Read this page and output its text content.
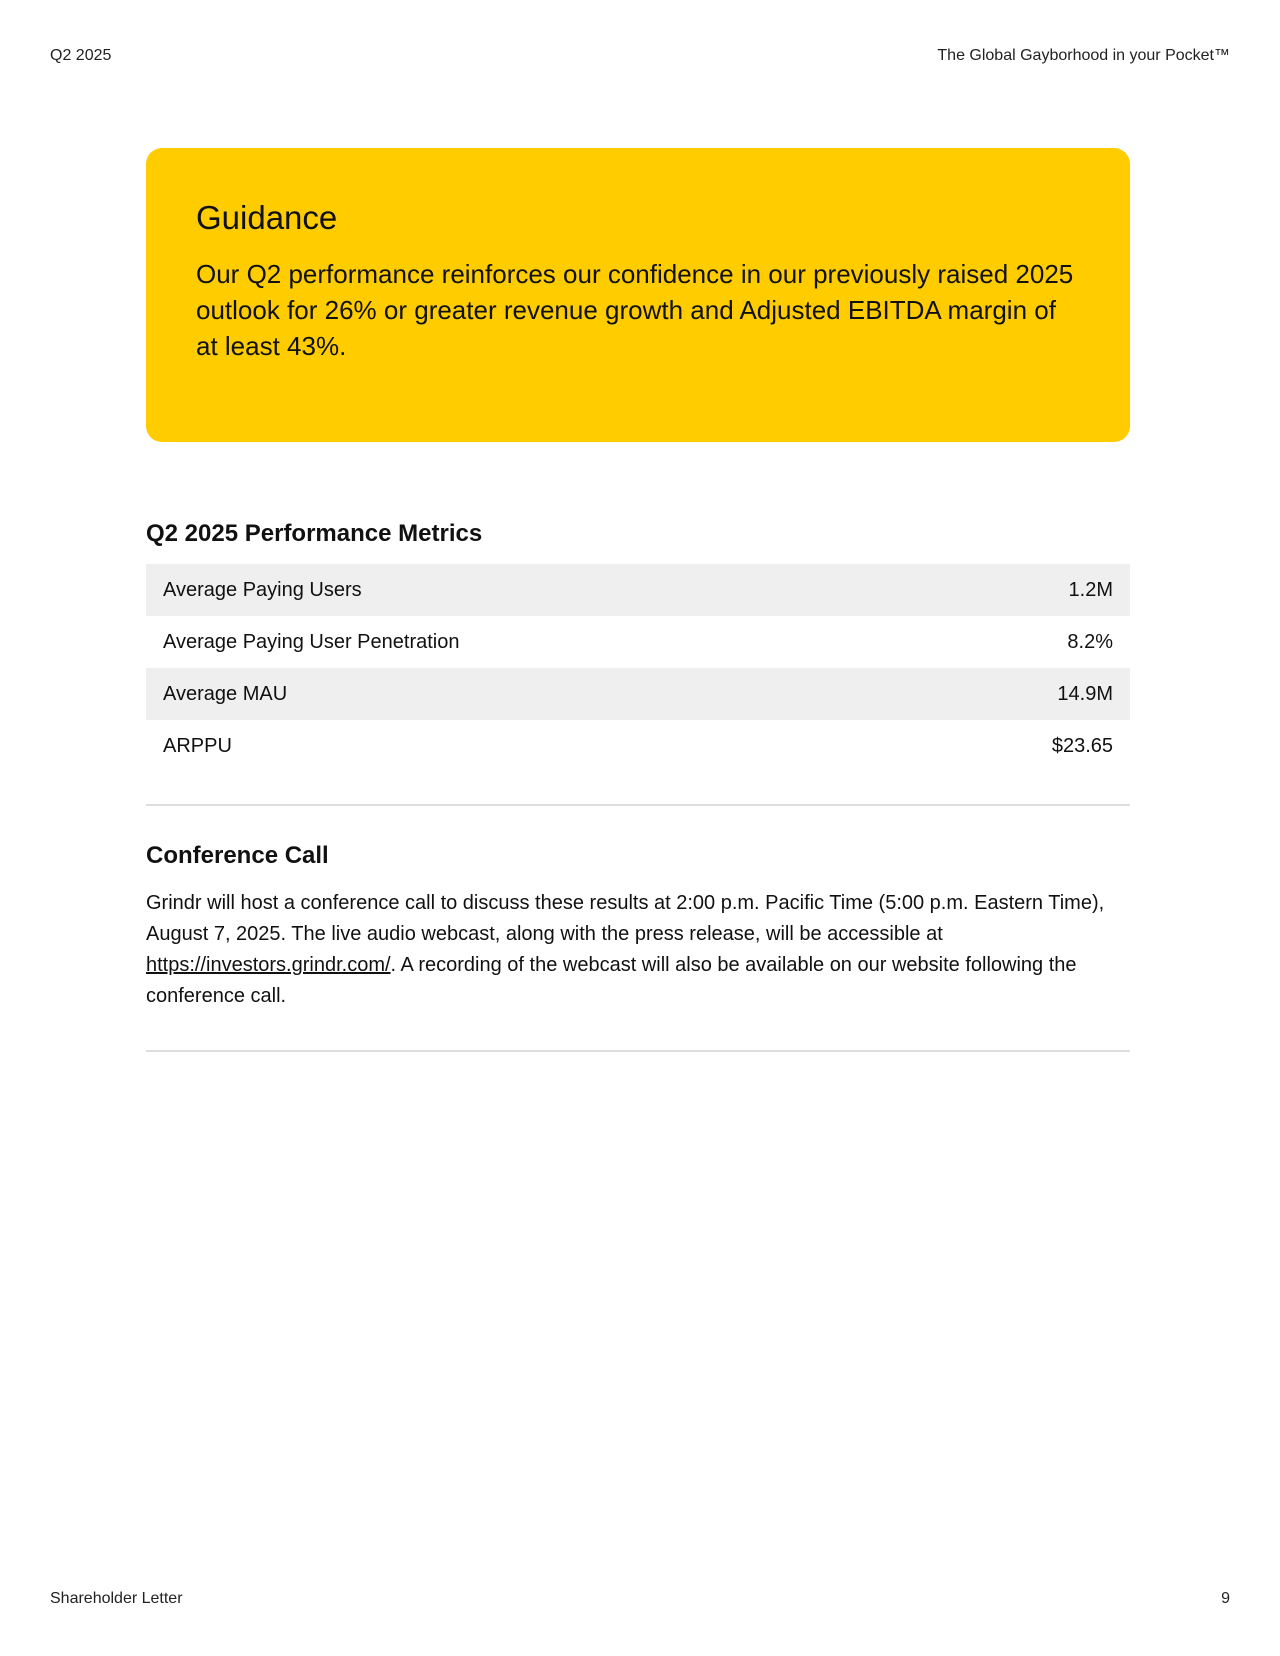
Q2 2025	The Global Gayborhood in your Pocket™
Guidance

Our Q2 performance reinforces our confidence in our previously raised 2025 outlook for 26% or greater revenue growth and Adjusted EBITDA margin of at least 43%.

Q2 2025 Performance Metrics
Average Paying Users	1.2M
Average Paying User Penetration	8.2%
Average MAU	14.9M
ARPPU	$23.65
Conference Call

Grindr will host a conference call to discuss these results at 2:00 p.m. Pacific Time (5:00 p.m. Eastern Time), August 7, 2025. The live audio webcast, along with the press release, will be accessible at https://investors.grindr.com/. A recording of the webcast will also be available on our website following the conference call.

Shareholder Letter	9
